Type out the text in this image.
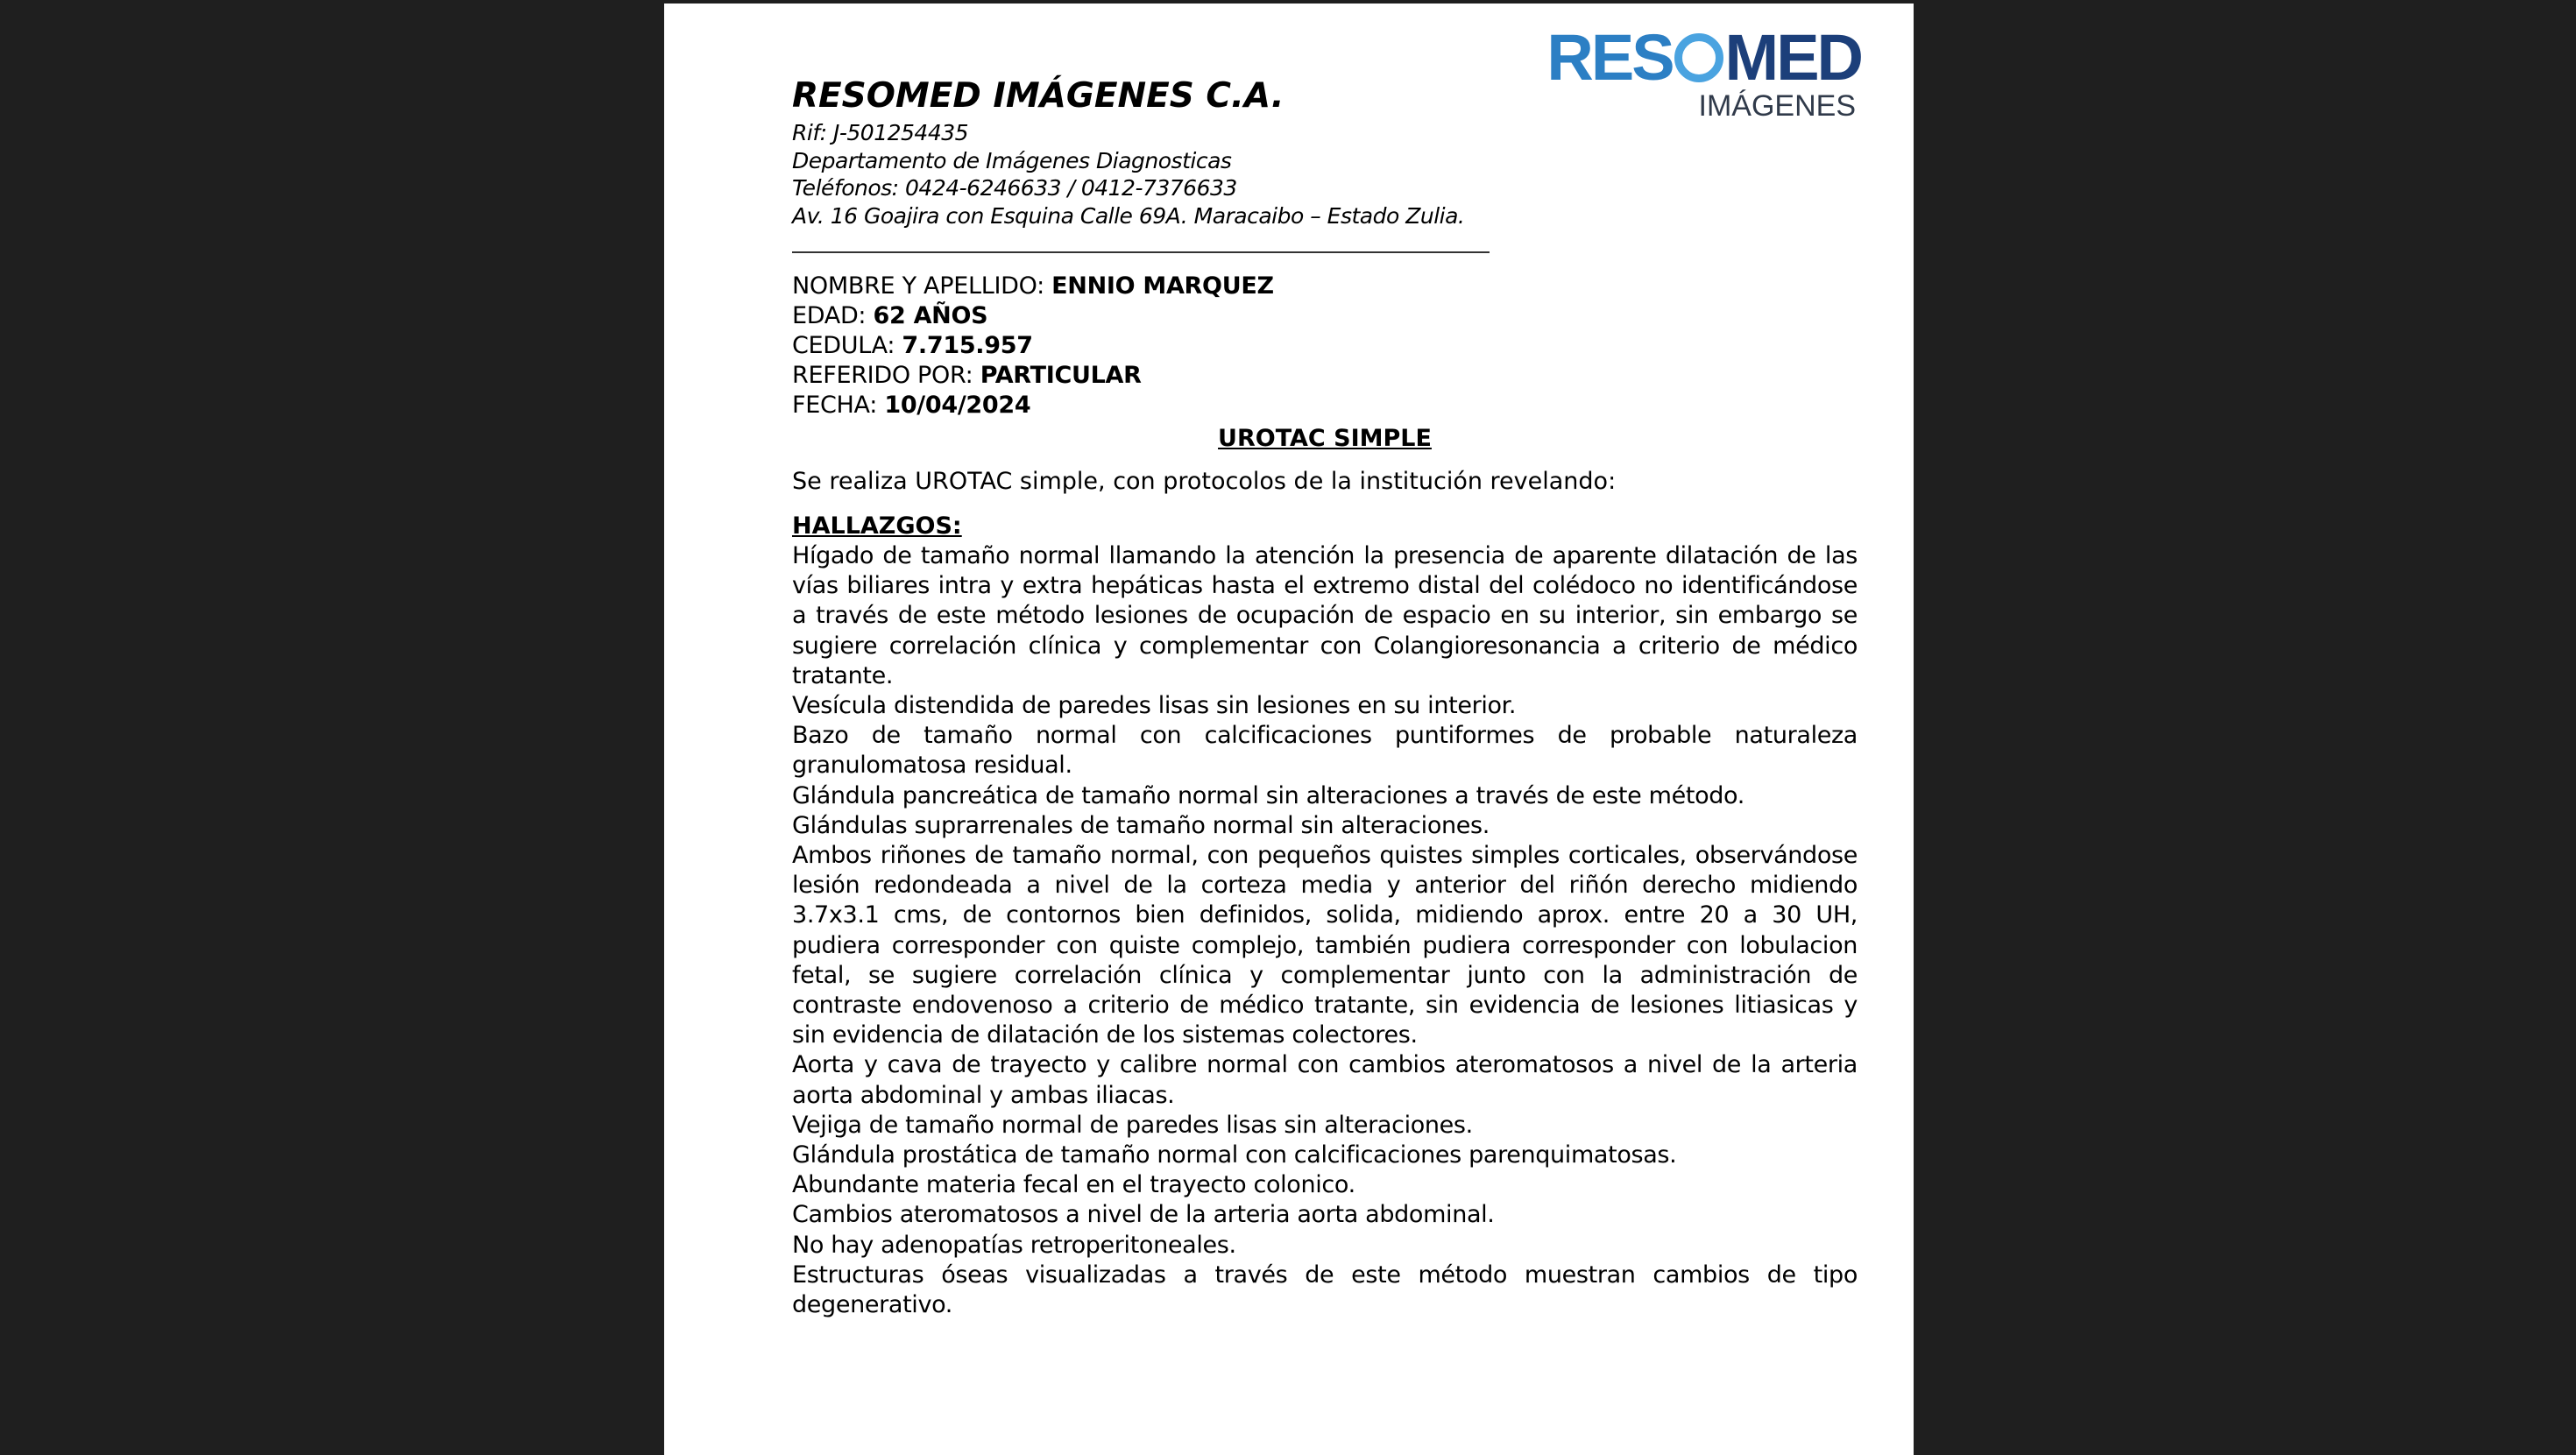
RES MED
IMÁGENES

RESOMED IMÁGENES C.A.

Rif: J-501254435

Departamento de Imágenes Diagnosticas

Teléfonos: 0424-6246633 / 0412-7376633

Av. 16 Goajira con Esquina Calle 69A. Maracaibo – Estado Zulia.

NOMBRE Y APELLIDO: ENNIO MARQUEZ

EDAD: 62 AÑOS

CEDULA: 7.715.957

REFERIDO POR: PARTICULAR

FECHA: 10/04/2024

UROTAC SIMPLE

Se realiza UROTAC simple, con protocolos de la institución revelando:

HALLAZGOS:

Hígado de tamaño normal llamando la atención la presencia de aparente dilatación de las vías biliares intra y extra hepáticas hasta el extremo distal del colédoco no identificándose a través de este método lesiones de ocupación de espacio en su interior, sin embargo se sugiere correlación clínica y complementar con Colangioresonancia a criterio de médico tratante.

Vesícula distendida de paredes lisas sin lesiones en su interior.

Bazo de tamaño normal con calcificaciones puntiformes de probable naturaleza granulomatosa residual.

Glándula pancreática de tamaño normal sin alteraciones a través de este método.

Glándulas suprarrenales de tamaño normal sin alteraciones.

Ambos riñones de tamaño normal, con pequeños quistes simples corticales, observándose lesión redondeada a nivel de la corteza media y anterior del riñón derecho midiendo 3.7x3.1 cms, de contornos bien definidos, solida, midiendo aprox. entre 20 a 30 UH, pudiera corresponder con quiste complejo, también pudiera corresponder con lobulacion fetal, se sugiere correlación clínica y complementar junto con la administración de contraste endovenoso a criterio de médico tratante, sin evidencia de lesiones litiasicas y sin evidencia de dilatación de los sistemas colectores.

Aorta y cava de trayecto y calibre normal con cambios ateromatosos a nivel de la arteria aorta abdominal y ambas iliacas.

Vejiga de tamaño normal de paredes lisas sin alteraciones.

Glándula prostática de tamaño normal con calcificaciones parenquimatosas.

Abundante materia fecal en el trayecto colonico.

Cambios ateromatosos a nivel de la arteria aorta abdominal.

No hay adenopatías retroperitoneales.

Estructuras óseas visualizadas a través de este método muestran cambios de tipo degenerativo.
